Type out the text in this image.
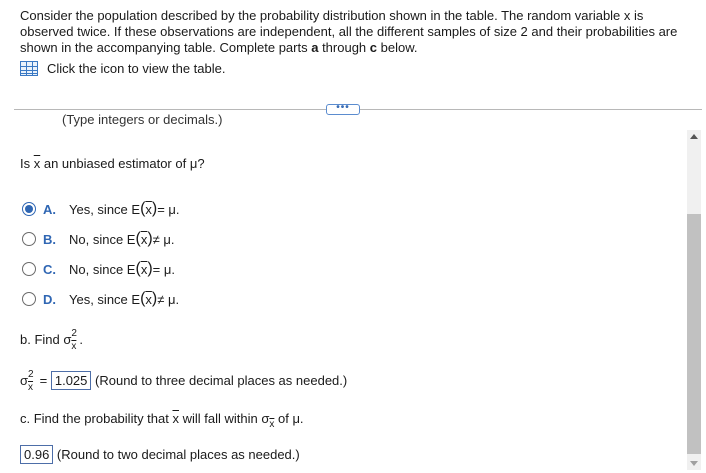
Consider the population described by the probability distribution shown in the table. The random variable x is observed twice. If these observations are independent, all the different samples of size 2 and their probabilities are shown in the accompanying table. Complete parts a through c below.
Click the icon to view the table.
•••
(Type integers or decimals.)
Is $\overline{x}$ an unbiased estimator of μ?
A.	Yes, since E ( $\overline{x}$ ) = μ.
B.	No, since E ( $\overline{x}$ ) ≠ μ.
C.	No, since E ( $\overline{x}$ ) = μ.
D.	Yes, since E ( $\overline{x}$ ) ≠ μ.
b. Find σ $\frac{2}{x}$ .
σ $\frac{2}{x} = 1.025$ (Round to three decimal places as needed.)
c. Find the probability that $\overline{x}$ will fall within $\sigma_{\overline{x}}$ of μ.
0.96 (Round to two decimal places as needed.)
